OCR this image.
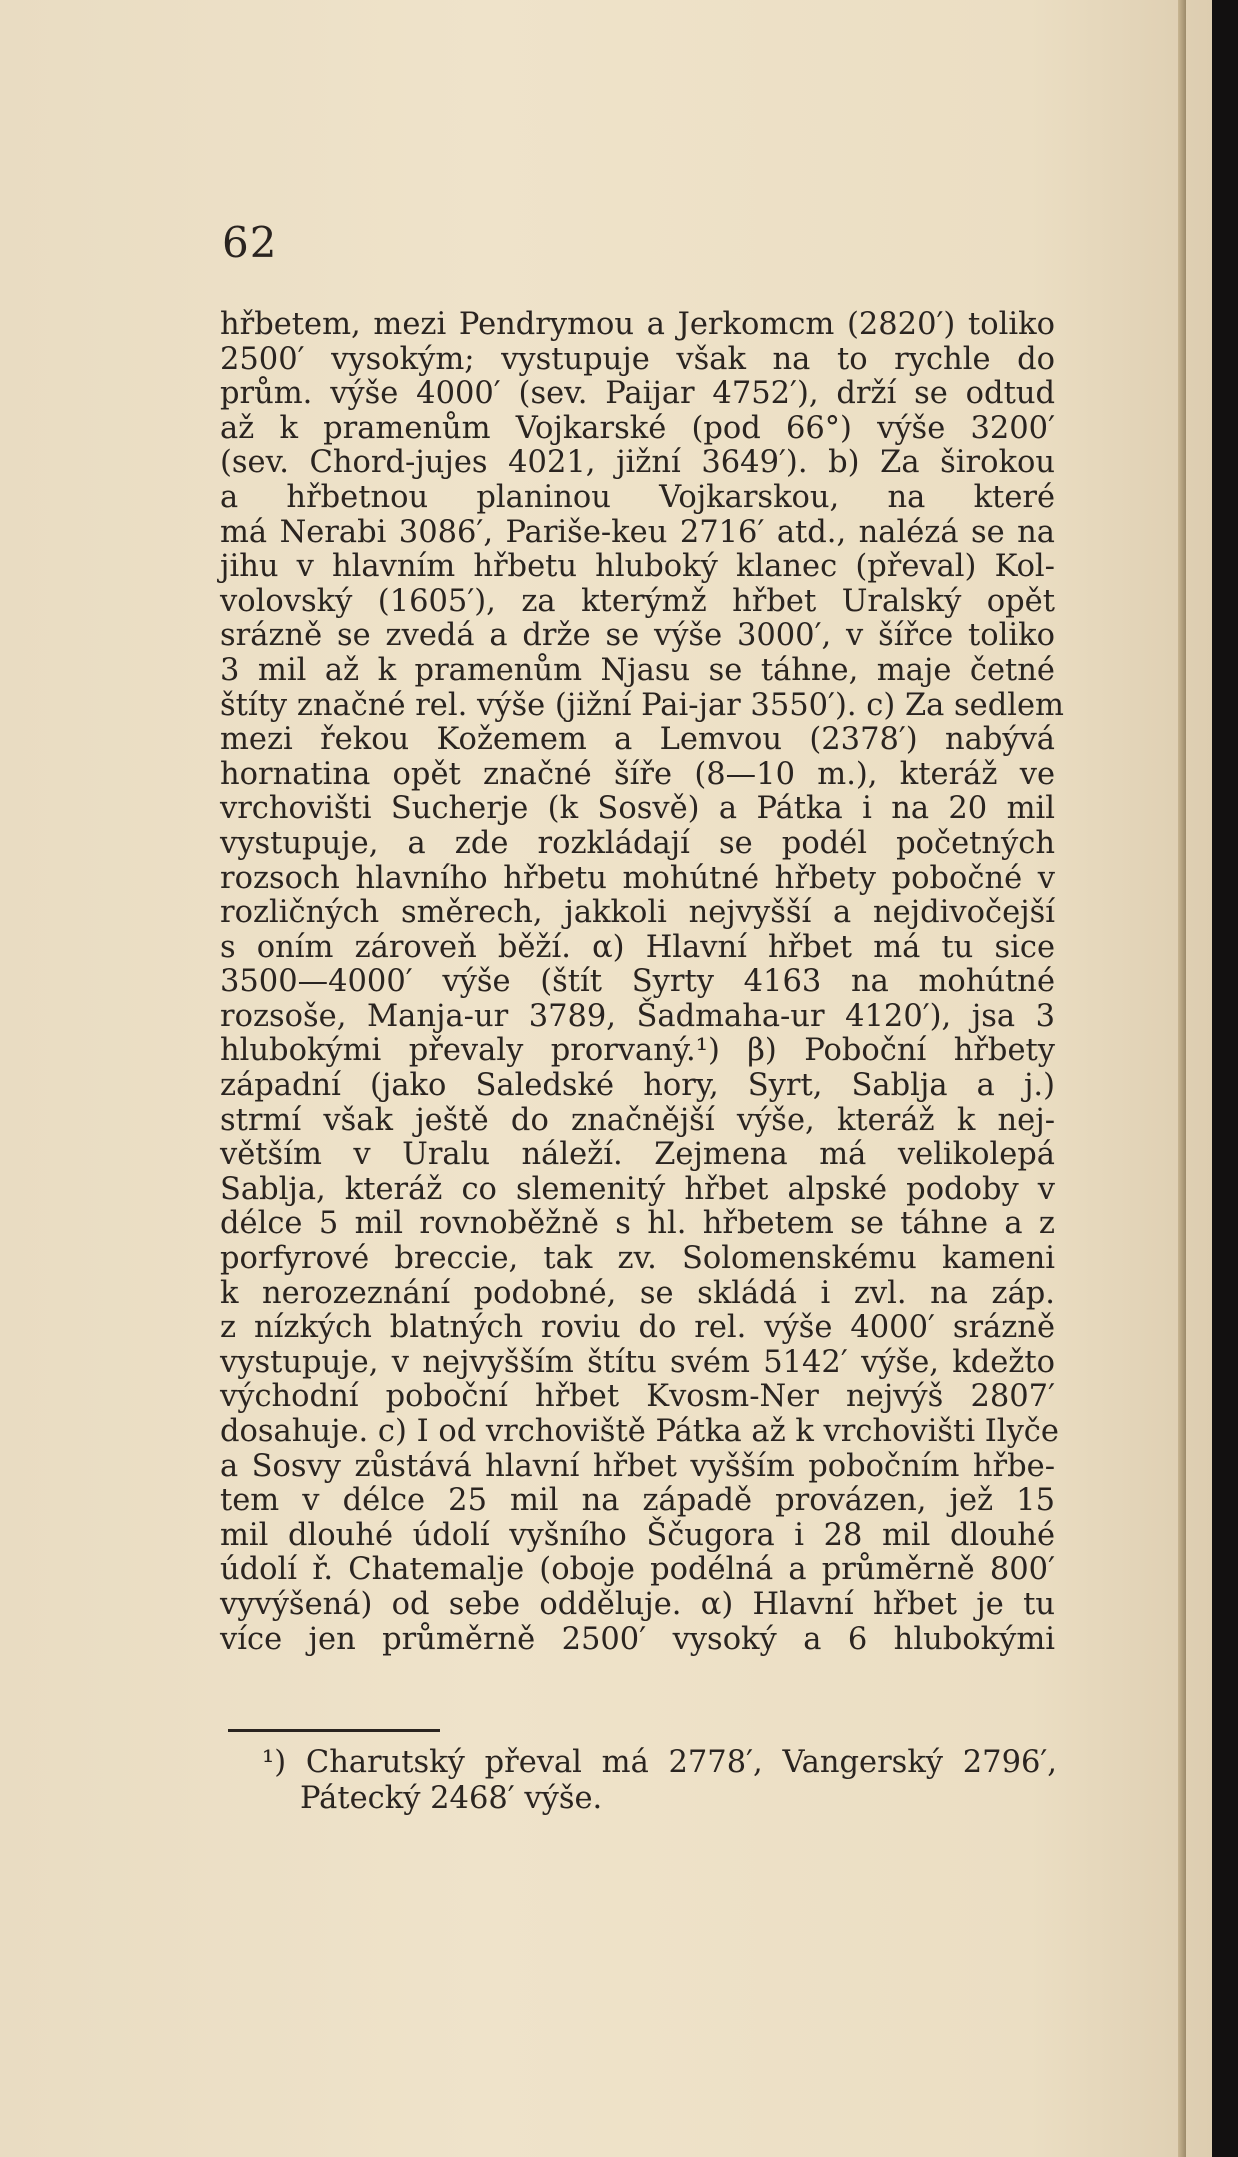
62
hřbetem, mezi Pendrymou a Jerkomcm (2820′) toliko
2500′ vysokým; vystupuje však na to rychle do
prům. výše 4000′ (sev. Paijar 4752′), drží se odtud
až k pramenům Vojkarské (pod 66°) výše 3200′
(sev. Chord-jujes 4021, jižní 3649′). b) Za širokou
a hřbetnou planinou Vojkarskou, na které
má Nerabi 3086′, Pariše-keu 2716′ atd., nalézá se na
jihu v hlavním hřbetu hluboký klanec (převal) Kol-
volovský (1605′), za kterýmž hřbet Uralský opět
srázně se zvedá a drže se výše 3000′, v šířce toliko
3 mil až k pramenům Njasu se táhne, maje četné
štíty značné rel. výše (jižní Pai-jar 3550′). c) Za sedlem
mezi řekou Kožemem a Lemvou (2378′) nabývá
hornatina opět značné šíře (8—10 m.), kteráž ve
vrchovišti Sucherje (k Sosvě) a Pátka i na 20 mil
vystupuje, a zde rozkládají se podél početných
rozsoch hlavního hřbetu mohútné hřbety pobočné v
rozličných směrech, jakkoli nejvyšší a nejdivočejší
s oním zároveň běží. α) Hlavní hřbet má tu sice
3500—4000′ výše (štít Syrty 4163 na mohútné
rozsoše, Manja-ur 3789, Šadmaha-ur 4120′), jsa 3
hlubokými převaly prorvaný.¹) β) Poboční hřbety
západní (jako Saledské hory, Syrt, Sablja a j.)
strmí však ještě do značnější výše, kteráž k nej-
větším v Uralu náleží. Zejmena má velikolepá
Sablja, kteráž co slemenitý hřbet alpské podoby v
délce 5 mil rovnoběžně s hl. hřbetem se táhne a z
porfyrové breccie, tak zv. Solomenskému kameni
k nerozeznání podobné, se skládá i zvl. na záp.
z nízkých blatných roviu do rel. výše 4000′ srázně
vystupuje, v nejvyšším štítu svém 5142′ výše, kdežto
východní poboční hřbet Kvosm-Ner nejvýš 2807′
dosahuje. c) I od vrchoviště Pátka až k vrchovišti Ilyče
a Sosvy zůstává hlavní hřbet vyšším pobočním hřbe-
tem v délce 25 mil na západě provázen, jež 15
mil dlouhé údolí vyšního Ščugora i 28 mil dlouhé
údolí ř. Chatemalje (oboje podélná a průměrně 800′
vyvýšená) od sebe odděluje. α) Hlavní hřbet je tu
více jen průměrně 2500′ vysoký a 6 hlubokými
¹) Charutský převal má 2778′, Vangerský 2796′,
Pátecký 2468′ výše.
